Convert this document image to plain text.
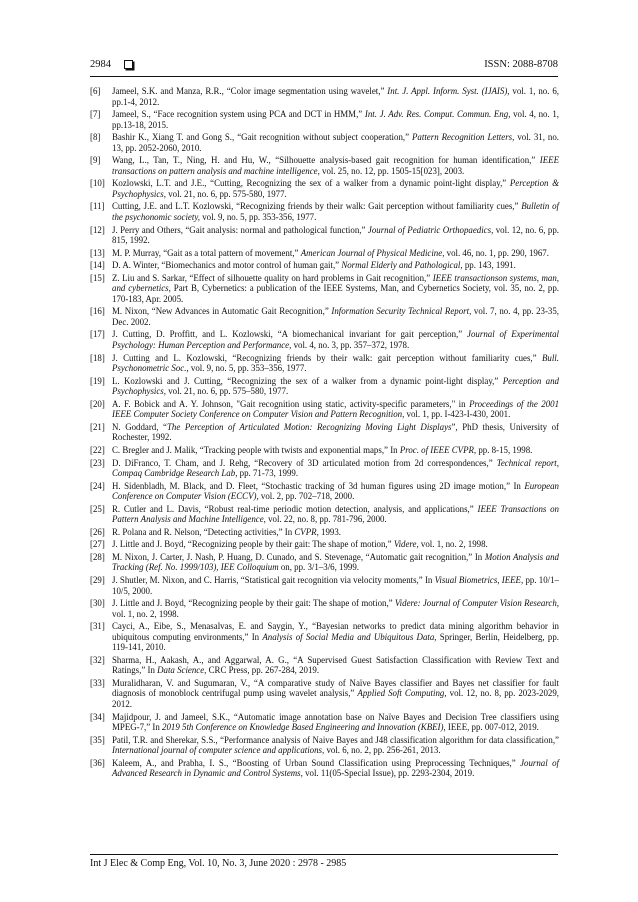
2984	ISSN: 2088-8708
[6] Jameel, S.K. and Manza, R.R., “Color image segmentation using wavelet,” Int. J. Appl. Inform. Syst. (IJAIS), vol. 1, no. 6, pp.1-4, 2012.
[7] Jameel, S., “Face recognition system using PCA and DCT in HMM,” Int. J. Adv. Res. Comput. Commun. Eng, vol. 4, no. 1, pp.13-18, 2015.
[8] Bashir K., Xiang T. and Gong S., “Gait recognition without subject cooperation,” Pattern Recognition Letters, vol. 31, no. 13, pp. 2052-2060, 2010.
[9] Wang, L., Tan, T., Ning, H. and Hu, W., “Silhouette analysis-based gait recognition for human identification,” IEEE transactions on pattern analysis and machine intelligence, vol. 25, no. 12, pp. 1505-15[023], 2003.
[10] Kozlowski, L.T. and J.E., “Cutting, Recognizing the sex of a walker from a dynamic point-light display,” Perception & Psychophysics, vol. 21, no. 6, pp. 575-580, 1977.
[11] Cutting, J.E. and L.T. Kozlowski, “Recognizing friends by their walk: Gait perception without familiarity cues,” Bulletin of the psychonomic society, vol. 9, no. 5, pp. 353-356, 1977.
[12] J. Perry and Others, “Gait analysis: normal and pathological function,” Journal of Pediatric Orthopaedics, vol. 12, no. 6, pp. 815, 1992.
[13] M. P. Murray, “Gait as a total pattern of movement,” American Journal of Physical Medicine, vol. 46, no. 1, pp. 290, 1967.
[14] D. A. Winter, “Biomechanics and motor control of human gait,” Normal Elderly and Pathological, pp. 143, 1991.
[15] Z. Liu and S. Sarkar, “Effect of silhouette quality on hard problems in Gait recognition,” IEEE transactionson systems, man, and cybernetics, Part B, Cybernetics: a publication of the IEEE Systems, Man, and Cybernetics Society, vol. 35, no. 2, pp. 170-183, Apr. 2005.
[16] M. Nixon, “New Advances in Automatic Gait Recognition,” Information Security Technical Report, vol. 7, no. 4, pp. 23-35, Dec. 2002.
[17] J. Cutting, D. Proffitt, and L. Kozlowski, “A biomechanical invariant for gait perception,” Journal of Experimental Psychology: Human Perception and Performance, vol. 4, no. 3, pp. 357–372, 1978.
[18] J. Cutting and L. Kozlowski, “Recognizing friends by their walk: gait perception without familiarity cues,” Bull. Psychonometric Soc., vol. 9, no. 5, pp. 353–356, 1977.
[19] L. Kozlowski and J. Cutting, “Recognizing the sex of a walker from a dynamic point-light display,” Perception and Psychophysics, vol. 21, no. 6, pp. 575–580, 1977.
[20] A. F. Bobick and A. Y. Johnson, "Gait recognition using static, activity-specific parameters," in Proceedings of the 2001 IEEE Computer Society Conference on Computer Vision and Pattern Recognition, vol. 1, pp. I-423-I-430, 2001.
[21] N. Goddard, “The Perception of Articulated Motion: Recognizing Moving Light Displays”, PhD thesis, University of Rochester, 1992.
[22] C. Bregler and J. Malik, “Tracking people with twists and exponential maps,” In Proc. of IEEE CVPR, pp. 8-15, 1998.
[23] D. DiFranco, T. Cham, and J. Rehg, “Recovery of 3D articulated motion from 2d correspondences,” Technical report, Compaq Cambridge Research Lab, pp. 71-73, 1999.
[24] H. Sidenbladh, M. Black, and D. Fleet, “Stochastic tracking of 3d human figures using 2D image motion,” In European Conference on Computer Vision (ECCV), vol. 2, pp. 702–718, 2000.
[25] R. Cutler and L. Davis, “Robust real-time periodic motion detection, analysis, and applications,” IEEE Transactions on Pattern Analysis and Machine Intelligence, vol. 22, no. 8, pp. 781-796, 2000.
[26] R. Polana and R. Nelson, “Detecting activities,” In CVPR, 1993.
[27] J. Little and J. Boyd, “Recognizing people by their gait: The shape of motion,” Videre, vol. 1, no. 2, 1998.
[28] M. Nixon, J. Carter, J. Nash, P. Huang, D. Cunado, and S. Stevenage, “Automatic gait recognition,” In Motion Analysis and Tracking (Ref. No. 1999/103), IEE Colloquium on, pp. 3/1–3/6, 1999.
[29] J. Shutler, M. Nixon, and C. Harris, “Statistical gait recognition via velocity moments,” In Visual Biometrics, IEEE, pp. 10/1–10/5, 2000.
[30] J. Little and J. Boyd, “Recognizing people by their gait: The shape of motion,” Videre: Journal of Computer Vision Research, vol. 1, no. 2, 1998.
[31] Cayci, A., Eibe, S., Menasalvas, E. and Saygin, Y., “Bayesian networks to predict data mining algorithm behavior in ubiquitous computing environments,” In Analysis of Social Media and Ubiquitous Data, Springer, Berlin, Heidelberg, pp. 119-141, 2010.
[32] Sharma, H., Aakash, A., and Aggarwal, A. G., “A Supervised Guest Satisfaction Classification with Review Text and Ratings,” In Data Science, CRC Press, pp. 267-284, 2019.
[33] Muralidharan, V. and Sugumaran, V., “A comparative study of Naïve Bayes classifier and Bayes net classifier for fault diagnosis of monoblock centrifugal pump using wavelet analysis,” Applied Soft Computing, vol. 12, no. 8, pp. 2023-2029, 2012.
[34] Majidpour, J. and Jameel, S.K., “Automatic image annotation base on Naïve Bayes and Decision Tree classifiers using MPEG-7,” In 2019 5th Conference on Knowledge Based Engineering and Innovation (KBEI), IEEE, pp. 007-012, 2019.
[35] Patil, T.R. and Sherekar, S.S., “Performance analysis of Naive Bayes and J48 classification algorithm for data classification,” International journal of computer science and applications, vol. 6, no. 2, pp. 256-261, 2013.
[36] Kaleem, A., and Prabha, I. S., “Boosting of Urban Sound Classification using Preprocessing Techniques,” Journal of Advanced Research in Dynamic and Control Systems, vol. 11(05-Special Issue), pp. 2293-2304, 2019.
Int J Elec & Comp Eng, Vol. 10, No. 3, June 2020 : 2978 - 2985
